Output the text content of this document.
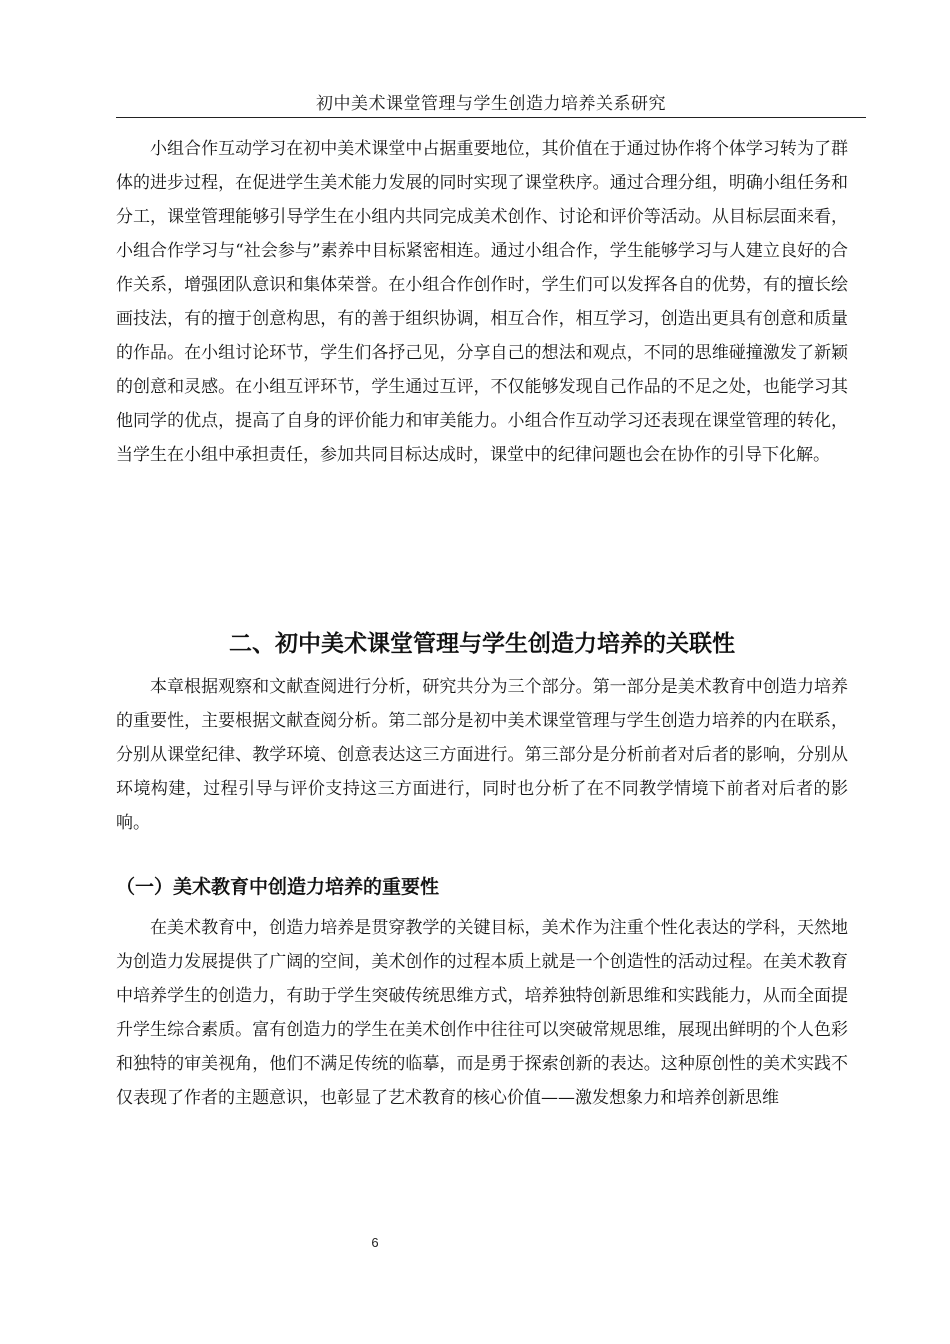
初中美术课堂管理与学生创造力培养关系研究

小组合作互动学习在初中美术课堂中占据重要地位，其价值在于通过协作将个体学习转为了群体的进步过程，在促进学生美术能力发展的同时实现了课堂秩序。通过合理分组，明确小组任务和分工，课堂管理能够引导学生在小组内共同完成美术创作、讨论和评价等活动。从目标层面来看，小组合作学习与“社会参与”素养中目标紧密相连。通过小组合作，学生能够学习与人建立良好的合作关系，增强团队意识和集体荣誉。在小组合作创作时，学生们可以发挥各自的优势，有的擅长绘画技法，有的擅于创意构思，有的善于组织协调，相互合作，相互学习，创造出更具有创意和质量的作品。在小组讨论环节，学生们各抒己见，分享自己的想法和观点，不同的思维碰撞激发了新颖的创意和灵感。在小组互评环节，学生通过互评，不仅能够发现自己作品的不足之处，也能学习其他同学的优点，提高了自身的评价能力和审美能力。小组合作互动学习还表现在课堂管理的转化，当学生在小组中承担责任，参加共同目标达成时，课堂中的纪律问题也会在协作的引导下化解。

二、初中美术课堂管理与学生创造力培养的关联性

本章根据观察和文献查阅进行分析，研究共分为三个部分。第一部分是美术教育中创造力培养的重要性，主要根据文献查阅分析。第二部分是初中美术课堂管理与学生创造力培养的内在联系，分别从课堂纪律、教学环境、创意表达这三方面进行。第三部分是分析前者对后者的影响，分别从环境构建，过程引导与评价支持这三方面进行，同时也分析了在不同教学情境下前者对后者的影响。

（一）美术教育中创造力培养的重要性

在美术教育中，创造力培养是贯穿教学的关键目标，美术作为注重个性化表达的学科，天然地为创造力发展提供了广阔的空间，美术创作的过程本质上就是一个创造性的活动过程。在美术教育中培养学生的创造力，有助于学生突破传统思维方式，培养独特创新思维和实践能力，从而全面提升学生综合素质。富有创造力的学生在美术创作中往往可以突破常规思维，展现出鲜明的个人色彩和独特的审美视角，他们不满足传统的临摹，而是勇于探索创新的表达。这种原创性的美术实践不仅表现了作者的主题意识，也彰显了艺术教育的核心价值——激发想象力和培养创新思维

6
